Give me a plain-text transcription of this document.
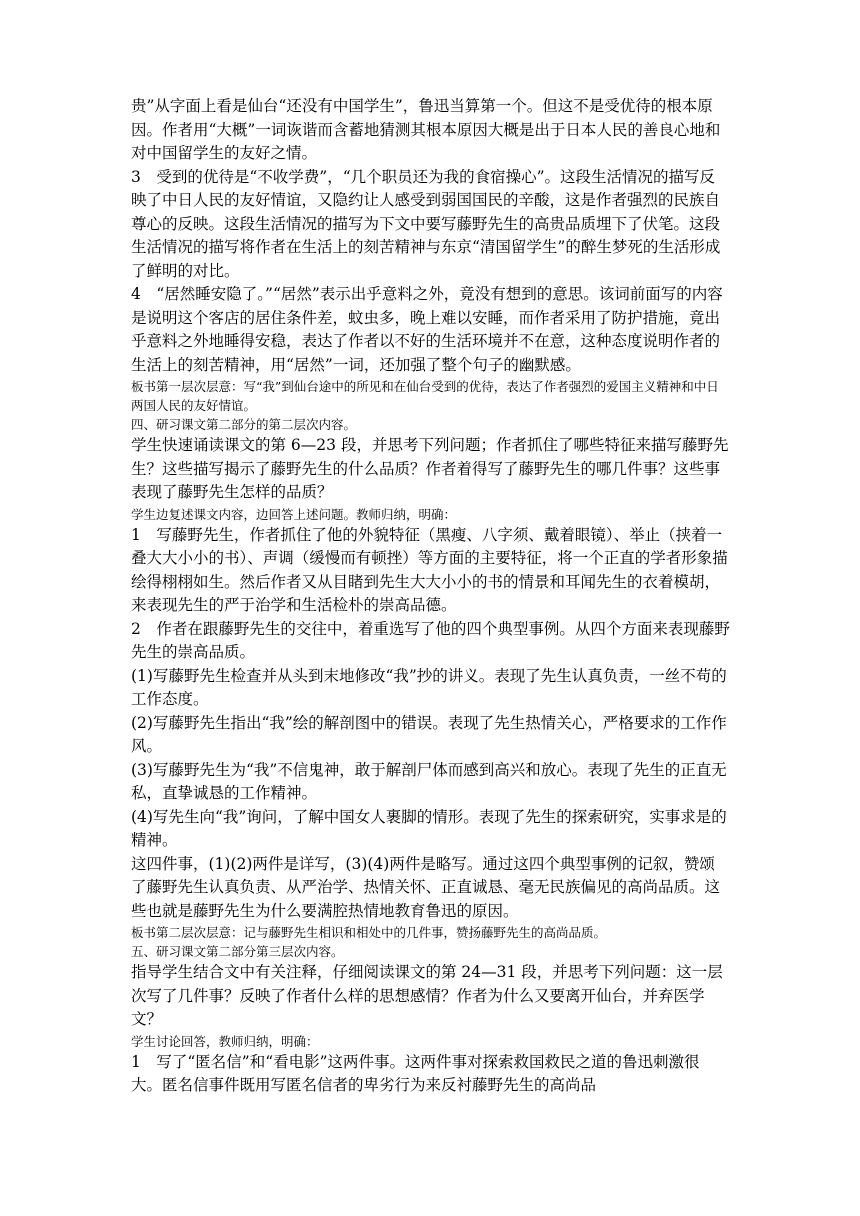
贵”从字面上看是仙台“还没有中国学生”，鲁迅当算第一个。但这不是受优待的根本原因。作者用“大概”一词诙谐而含蓄地猜测其根本原因大概是出于日本人民的善良心地和对中国留学生的友好之情。

3　受到的优待是“不收学费”，“几个职员还为我的食宿操心”。这段生活情况的描写反映了中日人民的友好情谊，又隐约让人感受到弱国国民的辛酸，这是作者强烈的民族自尊心的反映。这段生活情况的描写为下文中要写藤野先生的高贵品质埋下了伏笔。这段生活情况的描写将作者在生活上的刻苦精神与东京“清国留学生”的醉生梦死的生活形成了鲜明的对比。

4　“居然睡安隐了。”“居然”表示出乎意料之外，竟没有想到的意思。该词前面写的内容是说明这个客店的居住条件差，蚊虫多，晚上难以安睡，而作者采用了防护措施，竟出乎意料之外地睡得安稳，表达了作者以不好的生活环境并不在意，这种态度说明作者的生活上的刻苦精神，用“居然”一词，还加强了整个句子的幽默感。

板书第一层次层意：写“我”到仙台途中的所见和在仙台受到的优待，表达了作者强烈的爱国主义精神和中日两国人民的友好情谊。

四、研习课文第二部分的第二层次内容。

学生快速诵读课文的第 6—23 段，并思考下列问题；作者抓住了哪些特征来描写藤野先生？这些描写揭示了藤野先生的什么品质？作者着得写了藤野先生的哪几件事？这些事表现了藤野先生怎样的品质？

学生边复述课文内容，边回答上述问题。教师归纳，明确：

1　写藤野先生，作者抓住了他的外貌特征（黑瘦、八字须、戴着眼镜）、举止（挟着一叠大大小小的书）、声调（缓慢而有顿挫）等方面的主要特征，将一个正直的学者形象描绘得栩栩如生。然后作者又从目睹到先生大大小小的书的情景和耳闻先生的衣着模胡，来表现先生的严于治学和生活检朴的崇高品德。

2　作者在跟藤野先生的交往中，着重选写了他的四个典型事例。从四个方面来表现藤野先生的崇高品质。

(1)写藤野先生检查并从头到末地修改“我”抄的讲义。表现了先生认真负责，一丝不苟的工作态度。

(2)写藤野先生指出“我”绘的解剖图中的错误。表现了先生热情关心，严格要求的工作作风。

(3)写藤野先生为“我”不信鬼神，敢于解剖尸体而感到高兴和放心。表现了先生的正直无私，直挚诚恳的工作精神。

(4)写先生向“我”询问，了解中国女人裹脚的情形。表现了先生的探索研究，实事求是的精神。

这四件事，(1)(2)两件是详写，(3)(4)两件是略写。通过这四个典型事例的记叙，赞颂了藤野先生认真负责、从严治学、热情关怀、正直诚恳、毫无民族偏见的高尚品质。这些也就是藤野先生为什么要满腔热情地教育鲁迅的原因。

板书第二层次层意：记与藤野先生相识和相处中的几件事，赞扬藤野先生的高尚品质。

五、研习课文第二部分第三层次内容。

指导学生结合文中有关注释，仔细阅读课文的第 24—31 段，并思考下列问题：这一层次写了几件事？反映了作者什么样的思想感情？作者为什么又要离开仙台，并弃医学文？

学生讨论回答，教师归纳，明确：

1　写了“匿名信”和“看电影”这两件事。这两件事对探索救国救民之道的鲁迅刺激很大。匿名信事件既用写匿名信者的卑劣行为来反衬藤野先生的高尚品
